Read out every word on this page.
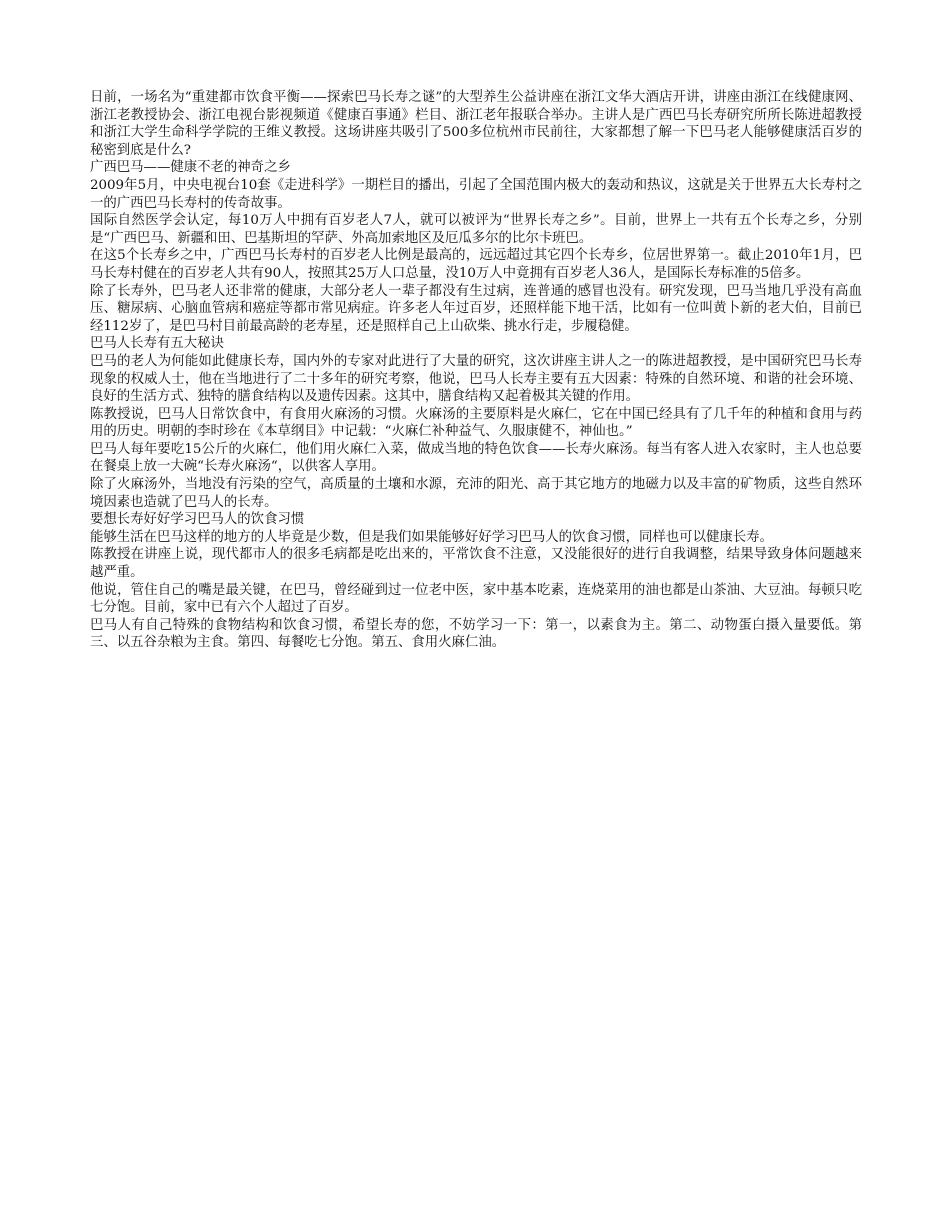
日前，一场名为“重建都市饮食平衡——探索巴马长寿之谜”的大型养生公益讲座在浙江文华大酒店开讲，讲座由浙江在线健康网、浙江老教授协会、浙江电视台影视频道《健康百事通》栏目、浙江老年报联合举办。主讲人是广西巴马长寿研究所所长陈进超教授和浙江大学生命科学学院的王维义教授。这场讲座共吸引了500多位杭州市民前往，大家都想了解一下巴马老人能够健康活百岁的秘密到底是什么?

广西巴马——健康不老的神奇之乡

2009年5月，中央电视台10套《走进科学》一期栏目的播出，引起了全国范围内极大的轰动和热议，这就是关于世界五大长寿村之一的广西巴马长寿村的传奇故事。

国际自然医学会认定，每10万人中拥有百岁老人7人，就可以被评为“世界长寿之乡”。目前，世界上一共有五个长寿之乡，分别是“广西巴马、新疆和田、巴基斯坦的罕萨、外高加索地区及厄瓜多尔的比尔卡班巴。

在这5个长寿乡之中，广西巴马长寿村的百岁老人比例是最高的，远远超过其它四个长寿乡，位居世界第一。截止2010年1月，巴马长寿村健在的百岁老人共有90人，按照其25万人口总量，没10万人中竟拥有百岁老人36人，是国际长寿标准的5倍多。

除了长寿外，巴马老人还非常的健康，大部分老人一辈子都没有生过病，连普通的感冒也没有。研究发现，巴马当地几乎没有高血压、糖尿病、心脑血管病和癌症等都市常见病症。许多老人年过百岁，还照样能下地干活，比如有一位叫黄卜新的老大伯，目前已经112岁了，是巴马村目前最高龄的老寿星，还是照样自己上山砍柴、挑水行走，步履稳健。

巴马人长寿有五大秘诀

巴马的老人为何能如此健康长寿，国内外的专家对此进行了大量的研究，这次讲座主讲人之一的陈进超教授，是中国研究巴马长寿现象的权威人士，他在当地进行了二十多年的研究考察，他说，巴马人长寿主要有五大因素：特殊的自然环境、和谐的社会环境、良好的生活方式、独特的膳食结构以及遗传因素。这其中，膳食结构又起着极其关键的作用。

陈教授说，巴马人日常饮食中，有食用火麻汤的习惯。火麻汤的主要原料是火麻仁，它在中国已经具有了几千年的种植和食用与药用的历史。明朝的李时珍在《本草纲目》中记载：“火麻仁补种益气、久服康健不，神仙也。”

巴马人每年要吃15公斤的火麻仁，他们用火麻仁入菜，做成当地的特色饮食——长寿火麻汤。每当有客人进入农家时，主人也总要在餐桌上放一大碗“长寿火麻汤“，以供客人享用。

除了火麻汤外，当地没有污染的空气，高质量的土壤和水源，充沛的阳光、高于其它地方的地磁力以及丰富的矿物质，这些自然环境因素也造就了巴马人的长寿。

要想长寿好好学习巴马人的饮食习惯

能够生活在巴马这样的地方的人毕竟是少数，但是我们如果能够好好学习巴马人的饮食习惯，同样也可以健康长寿。

陈教授在讲座上说，现代都市人的很多毛病都是吃出来的，平常饮食不注意，又没能很好的进行自我调整，结果导致身体问题越来越严重。

他说，管住自己的嘴是最关键，在巴马，曾经碰到过一位老中医，家中基本吃素，连烧菜用的油也都是山茶油、大豆油。每顿只吃七分饱。目前，家中已有六个人超过了百岁。

巴马人有自己特殊的食物结构和饮食习惯，希望长寿的您，不妨学习一下：第一，以素食为主。第二、动物蛋白摄入量要低。第三、以五谷杂粮为主食。第四、每餐吃七分饱。第五、食用火麻仁油。
